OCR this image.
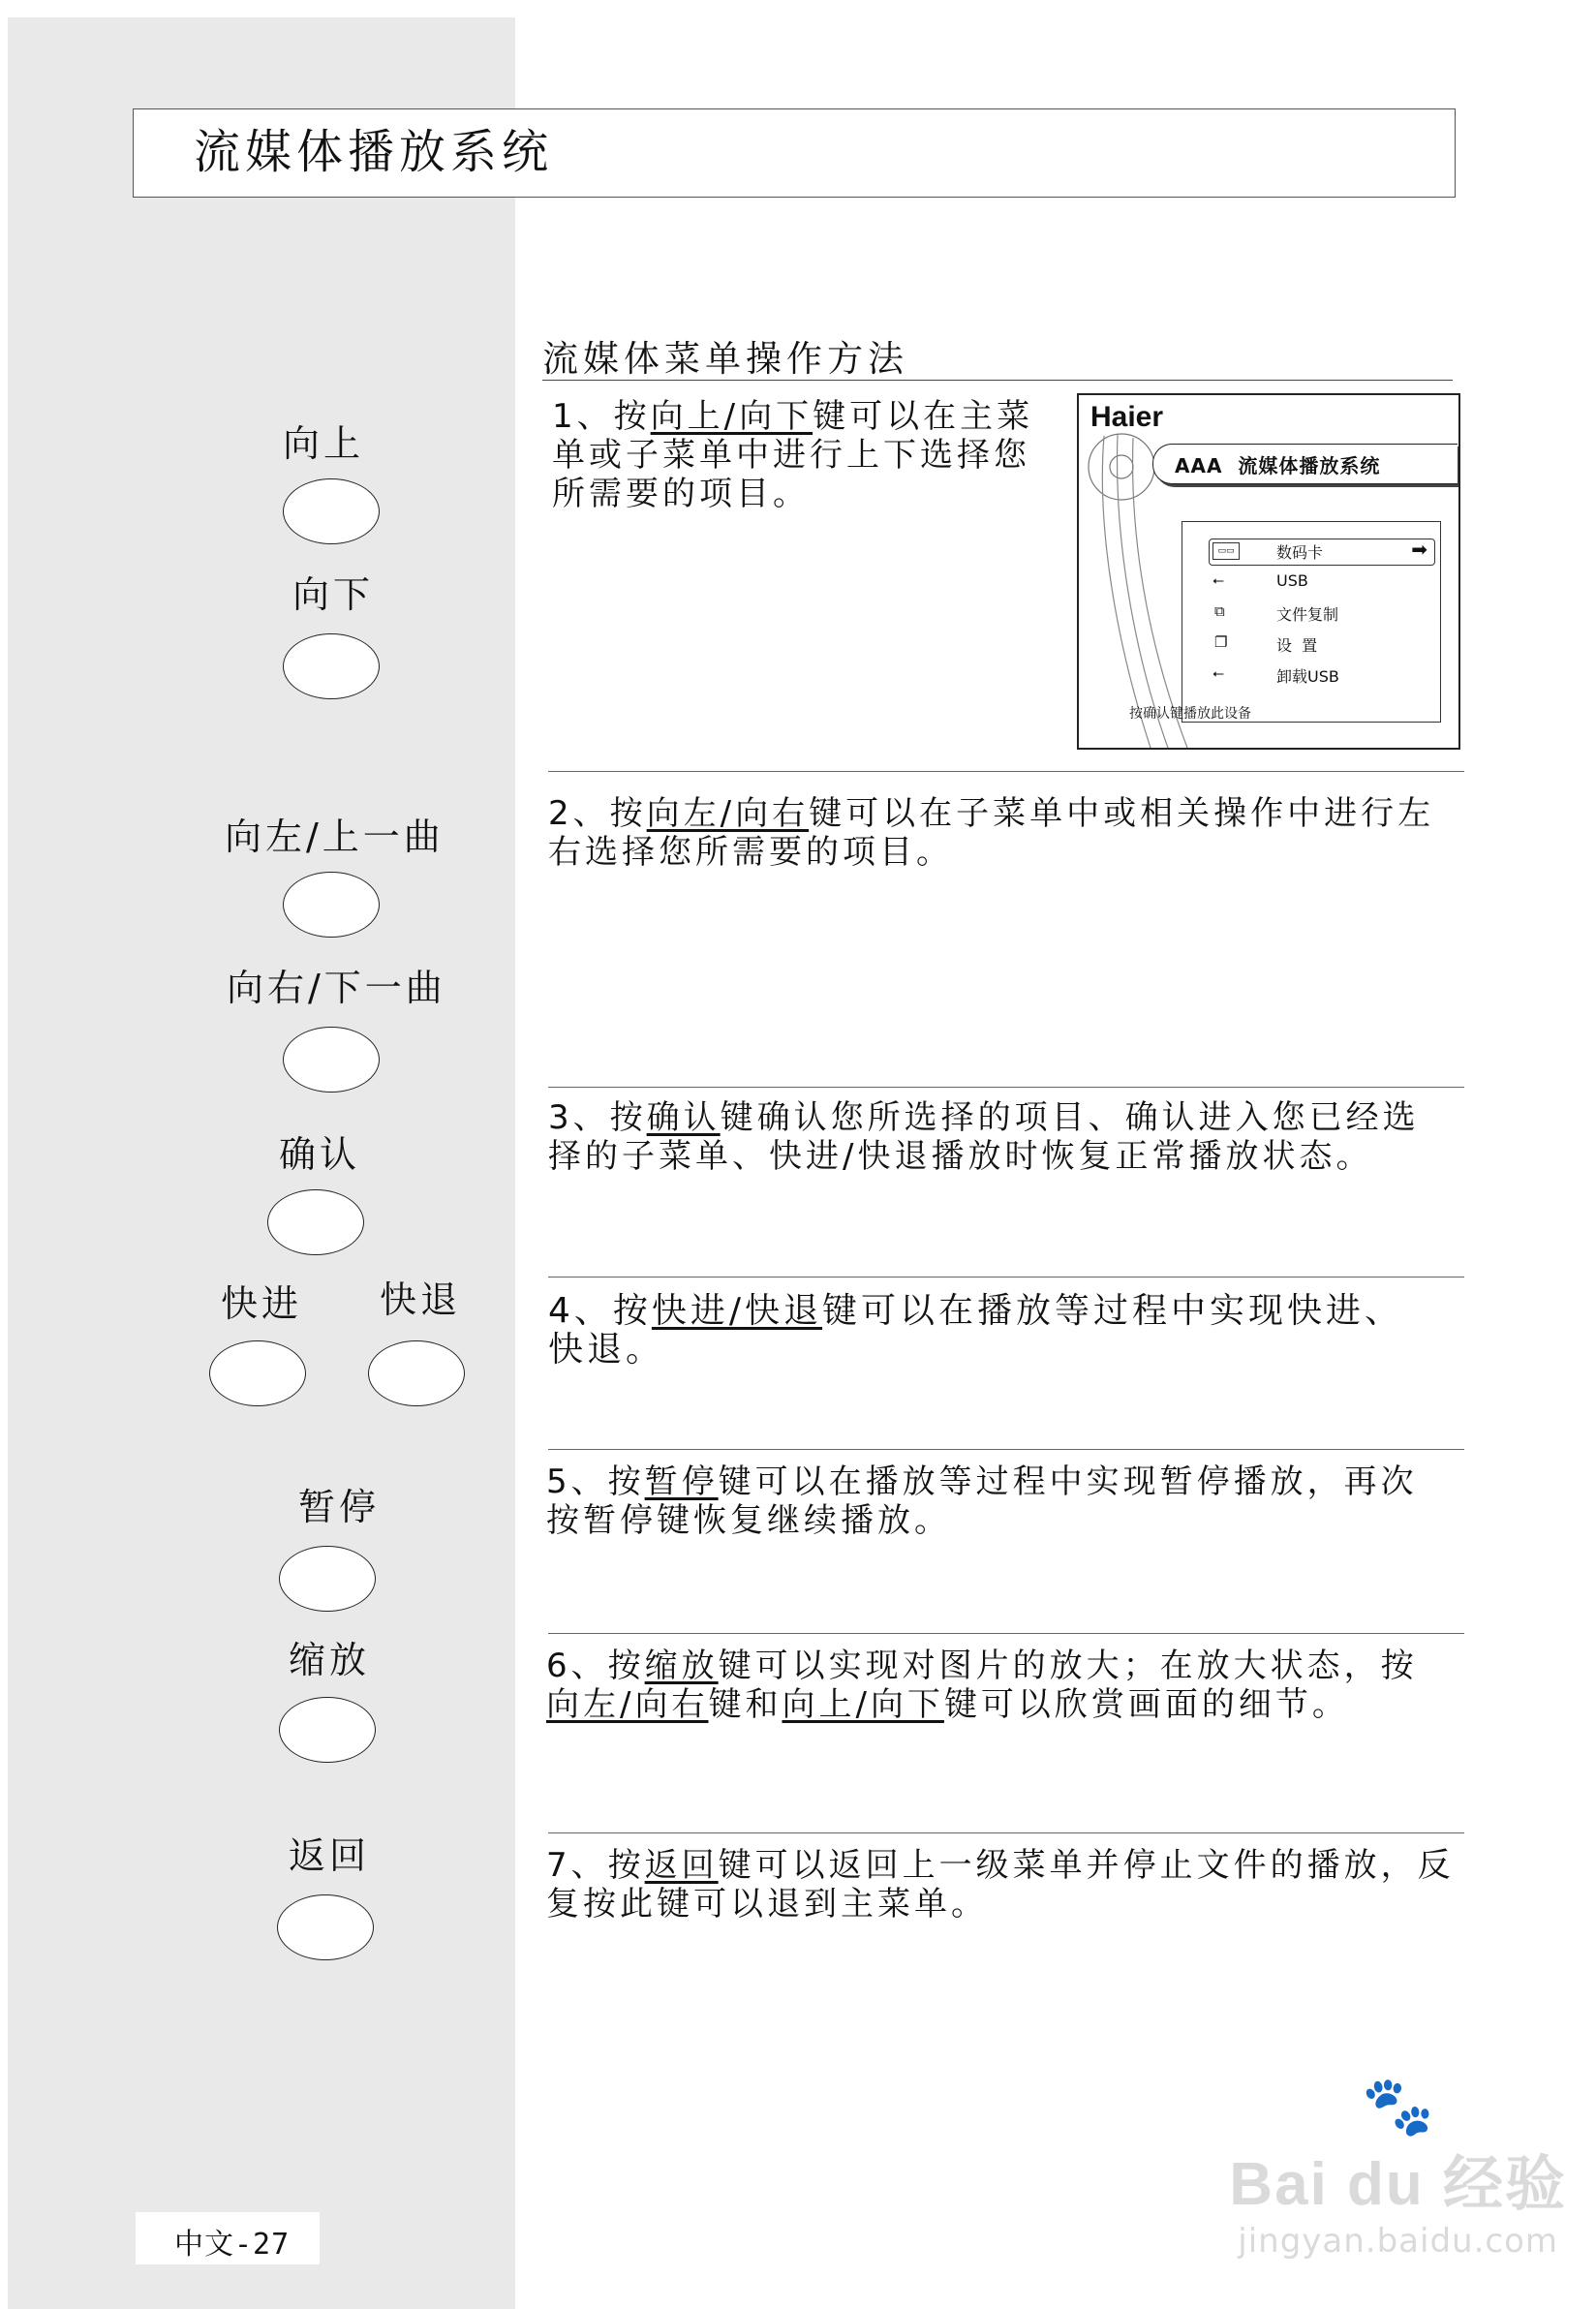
流媒体播放系统
流媒体菜单操作方法
向上
向下
向左/上一曲
向右/下一曲
确认
快进 快退
暂停
缩放
返回
1、按向上/向下键可以在主菜
单或子菜单中进行上下选择您
所需要的项目。
Haier
AAA  流媒体播放系统
▭▭	数码卡	➡
⭠	USB
⧉	文件复制
❐	设  置
⭠	卸载USB
按确认键播放此设备
2、按向左/向右键可以在子菜单中或相关操作中进行左
右选择您所需要的项目。
3、按确认键确认您所选择的项目、确认进入您已经选
择的子菜单、快进/快退播放时恢复正常播放状态。
4、按快进/快退键可以在播放等过程中实现快进、
快退。
5、按暂停键可以在播放等过程中实现暂停播放，再次
按暂停键恢复继续播放。
6、按缩放键可以实现对图片的放大；在放大状态，按
向左/向右键和向上/向下键可以欣赏画面的细节。
7、按返回键可以返回上一级菜单并停止文件的播放，反
复按此键可以退到主菜单。
中文-27
🐾
Bai du 经验
jingyan.baidu.com
